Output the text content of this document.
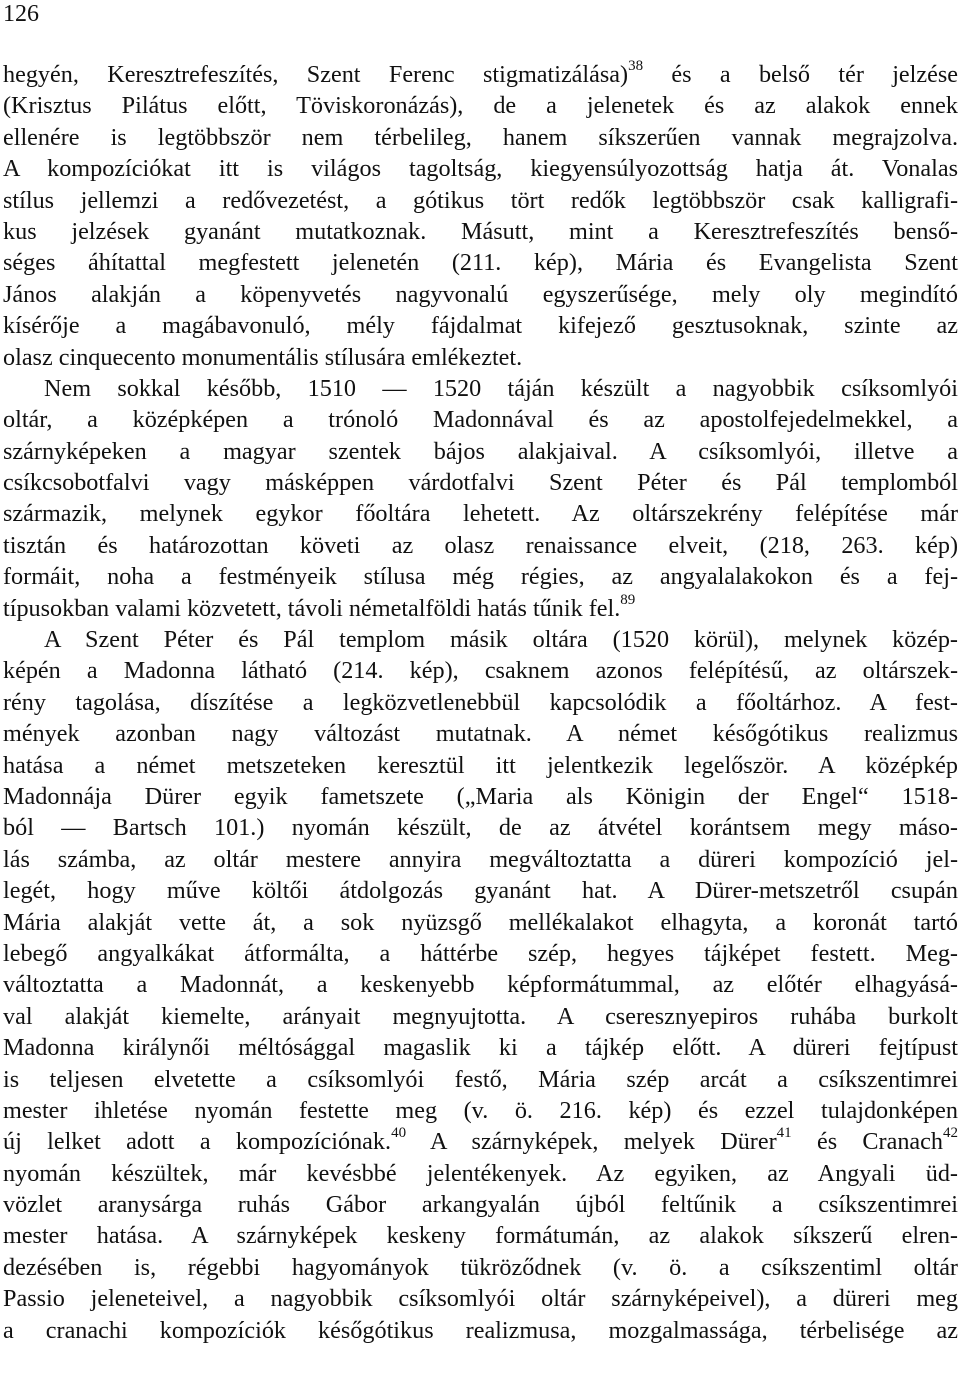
126
hegyén, Keresztrefeszítés, Szent Ferenc stigmatizálása)$^{38}$ és a belső tér jelzése
(Krisztus Pilátus előtt, Töviskoronázás), de a jelenetek és az alakok ennek
ellenére is legtöbbször nem térbelileg, hanem síkszerűen vannak megrajzolva.
A kompozíciókat itt is világos tagoltság, kiegyensúlyozottság hatja át. Vonalas
stílus jellemzi a redővezetést, a gótikus tört redők legtöbbször csak kalligrafi-
kus jelzések gyanánt mutatkoznak. Másutt, mint a Keresztrefeszítés benső-
séges áhítattal megfestett jelenetén (211. kép), Mária és Evangelista Szent
János alakján a köpenyvetés nagyvonalú egyszerűsége, mely oly megindító
kísérője a magábavonuló, mély fájdalmat kifejező gesztusoknak, szinte az
olasz cinquecento monumentális stílusára emlékeztet.
Nem sokkal később, 1510 — 1520 táján készült a nagyobbik csíksomlyói
oltár, a középképen a trónoló Madonnával és az apostolfejedelmekkel, a
szárnyképeken a magyar szentek bájos alakjaival. A csíksomlyói, illetve a
csíkcsobotfalvi vagy másképpen várdotfalvi Szent Péter és Pál templomból
származik, melynek egykor főoltára lehetett. Az oltárszekrény felépítése már
tisztán és határozottan követi az olasz renaissance elveit, (218, 263. kép)
formáit, noha a festményeik stílusa még régies, az angyalalakokon és a fej-
típusokban valami közvetett, távoli németalföldi hatás tűnik fel.$^{89}$
A Szent Péter és Pál templom másik oltára (1520 körül), melynek közép-
képén a Madonna látható (214. kép), csaknem azonos felépítésű, az oltárszek-
rény tagolása, díszítése a legközvetlenebbül kapcsolódik a főoltárhoz. A fest-
mények azonban nagy változást mutatnak. A német későgótikus realizmus
hatása a német metszeteken keresztül itt jelentkezik legelőször. A középkép
Madonnája Dürer egyik fametszete („Maria als Königin der Engel“ 1518-
ból — Bartsch 101.) nyomán készült, de az átvétel korántsem megy máso-
lás számba, az oltár mestere annyira megváltoztatta a düreri kompozíció jel-
legét, hogy műve költői átdolgozás gyanánt hat. A Dürer-metszetről csupán
Mária alakját vette át, a sok nyüzsgő mellékalakot elhagyta, a koronát tartó
lebegő angyalkákat átformálta, a háttérbe szép, hegyes tájképet festett. Meg-
változtatta a Madonnát, a keskenyebb képformátummal, az előtér elhagyásá-
val alakját kiemelte, arányait megnyujtotta. A cseresznyepiros ruhába burkolt
Madonna királynői méltósággal magaslik ki a tájkép előtt. A düreri fejtípust
is teljesen elvetette a csíksomlyói festő, Mária szép arcát a csíkszentimrei
mester ihletése nyomán festette meg (v. ö. 216. kép) és ezzel tulajdonképen
új lelket adott a kompozíciónak.$^{40}$ A szárnyképek, melyek Dürer$^{41}$ és Cranach$^{42}$
nyomán készültek, már kevésbbé jelentékenyek. Az egyiken, az Angyali üd-
vözlet aranysárga ruhás Gábor arkangyalán újból feltűnik a csíkszentimrei
mester hatása. A szárnyképek keskeny formátumán, az alakok síkszerű elren-
dezésében is, régebbi hagyományok tükröződnek (v. ö. a csíkszentiml oltár
Passio jeleneteivel, a nagyobbik csíksomlyói oltár szárnyképeivel), a düreri meg
a cranachi kompozíciók későgótikus realizmusa, mozgalmassága, térbelisége az
